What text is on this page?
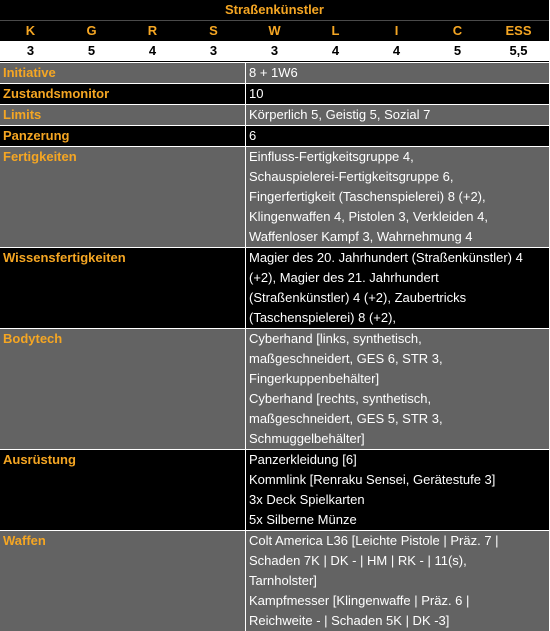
Straßenkünstler
K	G	R	S	W	L	I	C	ESS
3	5	4	3	3	4	4	5	5,5
Initiative	8 + 1W6
Zustandsmonitor	10
Limits	Körperlich 5, Geistig 5, Sozial 7
Panzerung	6
Fertigkeiten	Einfluss-Fertigkeitsgruppe 4,
Schauspielerei-Fertigkeitsgruppe 6,
Fingerfertigkeit (Taschenspielerei) 8 (+2),
Klingenwaffen 4, Pistolen 3, Verkleiden 4,
Waffenloser Kampf 3, Wahrnehmung 4
Wissensfertigkeiten	Magier des 20. Jahrhundert (Straßenkünstler) 4
(+2), Magier des 21. Jahrhundert
(Straßenkünstler) 4 (+2), Zaubertricks
(Taschenspielerei) 8 (+2),
Bodytech	Cyberhand [links, synthetisch,
maßgeschneidert, GES 6, STR 3,
Fingerkuppenbehälter]
Cyberhand [rechts, synthetisch,
maßgeschneidert, GES 5, STR 3,
Schmuggelbehälter]
Ausrüstung	Panzerkleidung [6]
Kommlink [Renraku Sensei, Gerätestufe 3]
3x Deck Spielkarten
5x Silberne Münze
Waffen	Colt America L36 [Leichte Pistole | Präz. 7 |
Schaden 7K | DK - | HM | RK - | 11(s),
Tarnholster]
Kampfmesser [Klingenwaffe | Präz. 6 |
Reichweite - | Schaden 5K | DK -3]
